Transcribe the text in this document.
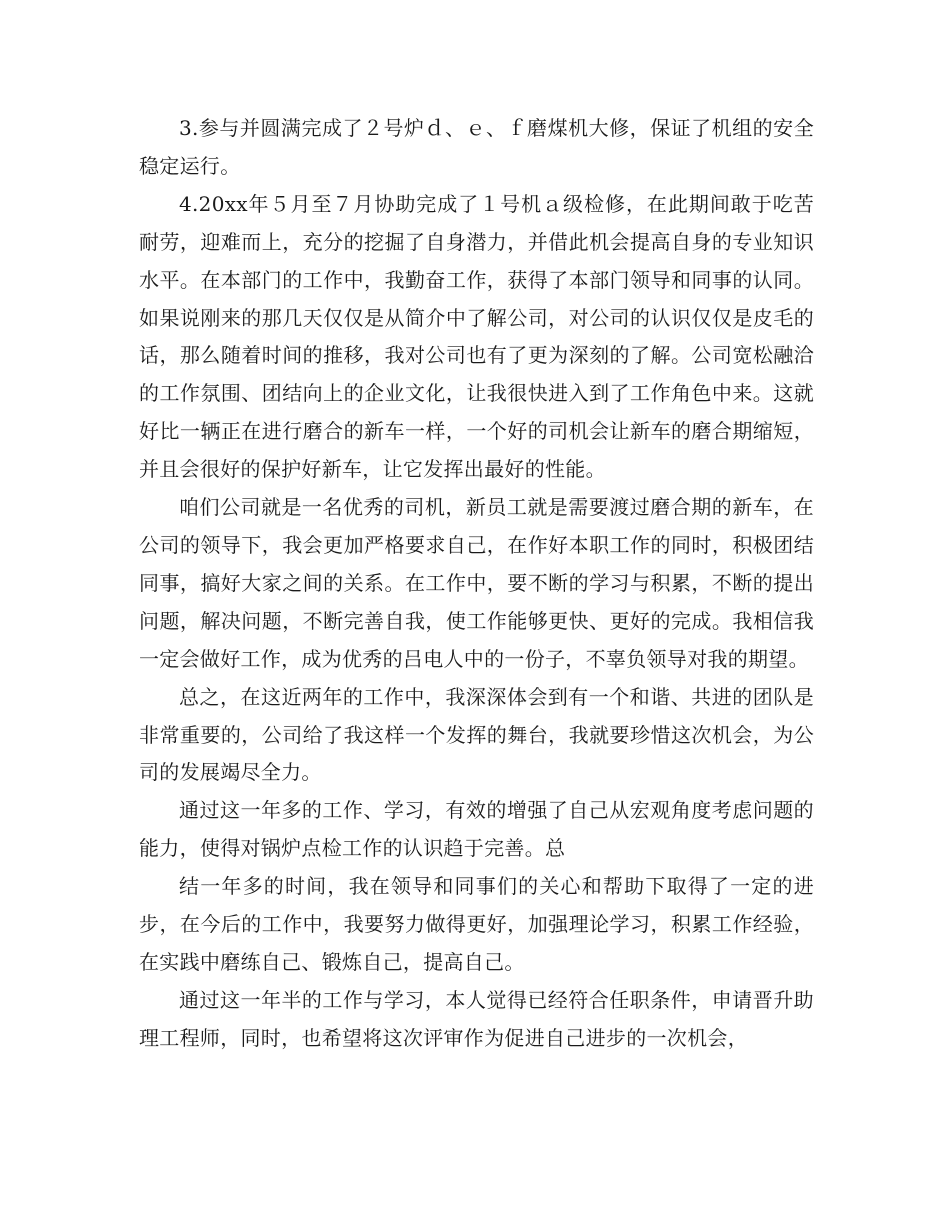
3.参与并圆满完成了２号炉ｄ、ｅ、ｆ磨煤机大修，保证了机组的安全稳定运行。

4.20xx年５月至７月协助完成了１号机ａ级检修，在此期间敢于吃苦耐劳，迎难而上，充分的挖掘了自身潜力，并借此机会提高自身的专业知识水平。在本部门的工作中，我勤奋工作，获得了本部门领导和同事的认同。如果说刚来的那几天仅仅是从简介中了解公司，对公司的认识仅仅是皮毛的话，那么随着时间的推移，我对公司也有了更为深刻的了解。公司宽松融洽的工作氛围、团结向上的企业文化，让我很快进入到了工作角色中来。这就好比一辆正在进行磨合的新车一样，一个好的司机会让新车的磨合期缩短，并且会很好的保护好新车，让它发挥出最好的性能。

咱们公司就是一名优秀的司机，新员工就是需要渡过磨合期的新车，在公司的领导下，我会更加严格要求自己，在作好本职工作的同时，积极团结同事，搞好大家之间的关系。在工作中，要不断的学习与积累，不断的提出问题，解决问题，不断完善自我，使工作能够更快、更好的完成。我相信我一定会做好工作，成为优秀的吕电人中的一份子，不辜负领导对我的期望。

总之，在这近两年的工作中，我深深体会到有一个和谐、共进的团队是非常重要的，公司给了我这样一个发挥的舞台，我就要珍惜这次机会，为公司的发展竭尽全力。

通过这一年多的工作、学习，有效的增强了自己从宏观角度考虑问题的能力，使得对锅炉点检工作的认识趋于完善。总

结一年多的时间，我在领导和同事们的关心和帮助下取得了一定的进步，在今后的工作中，我要努力做得更好，加强理论学习，积累工作经验，在实践中磨练自己、锻炼自己，提高自己。

通过这一年半的工作与学习，本人觉得已经符合任职条件，申请晋升助理工程师，同时，也希望将这次评审作为促进自己进步的一次机会，
